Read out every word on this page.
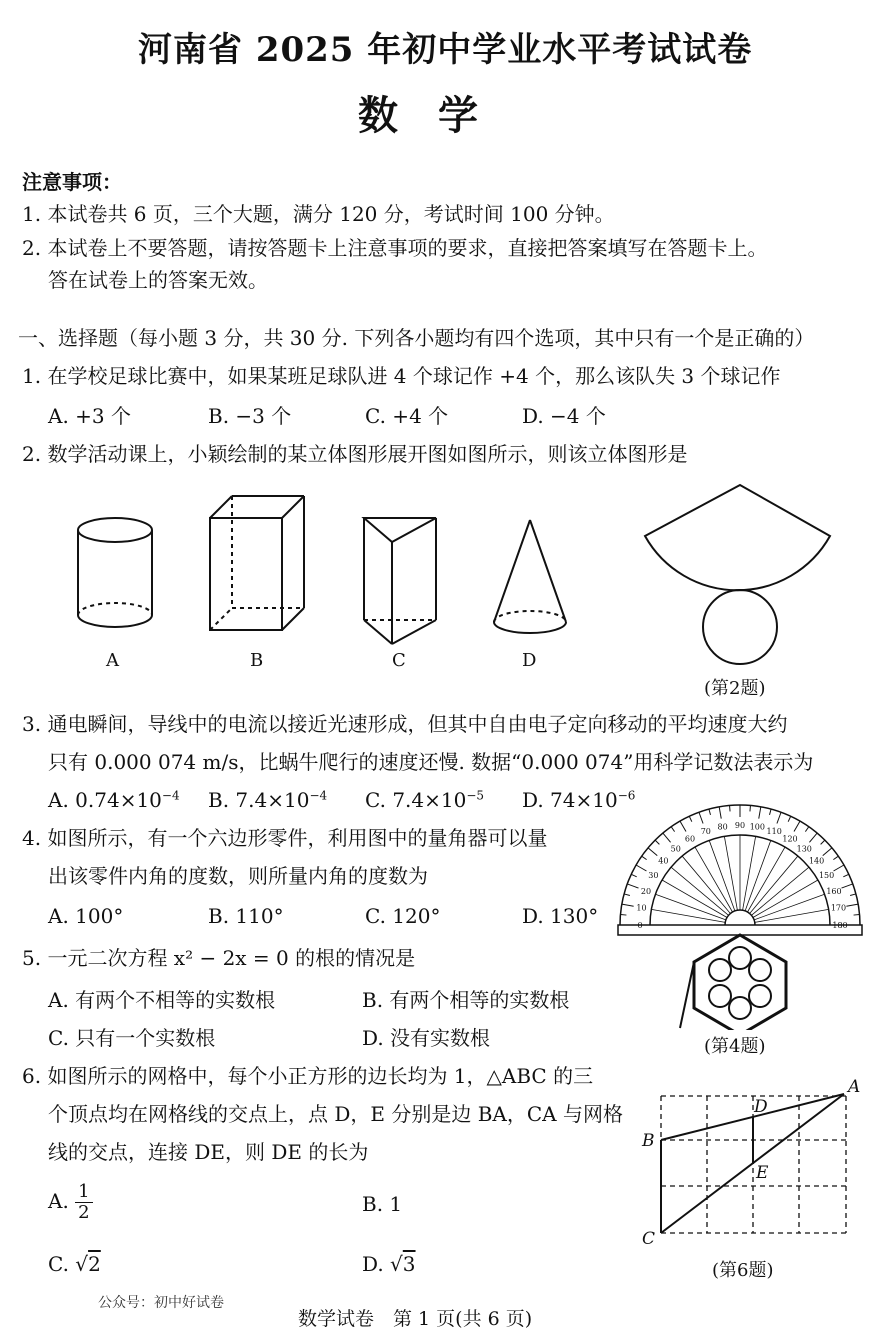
河南省 2025 年初中学业水平考试试卷
数学
注意事项：
1. 本试卷共 6 页，三个大题，满分 120 分，考试时间 100 分钟。
2. 本试卷上不要答题，请按答题卡上注意事项的要求，直接把答案填写在答题卡上。
答在试卷上的答案无效。
一、选择题（每小题 3 分，共 30 分. 下列各小题均有四个选项，其中只有一个是正确的）
1. 在学校足球比赛中，如果某班足球队进 4 个球记作 +4 个，那么该队失 3 个球记作
A. +3 个	B. −3 个	C. +4 个	D. −4 个
2. 数学活动课上，小颖绘制的某立体图形展开图如图所示，则该立体图形是
A	B	C	D
(第2题)
3. 通电瞬间，导线中的电流以接近光速形成，但其中自由电子定向移动的平均速度大约
只有 0.000 074 m/s，比蜗牛爬行的速度还慢. 数据“0.000 074”用科学记数法表示为
A. $0.74\times 10^{-4}$ B. $7.4\times 10^{-4}$ C. $7.4\times 10^{-5}$ D. $74\times 10^{-6}$
4. 如图所示，有一个六边形零件，利用图中的量角器可以量
出该零件内角的度数，则所量内角的度数为
A. 100°	B. 110°	C. 120°	D. 130°	0
10
20
30
40
50
60
70
80 90 100
110
120
130
140
150
160
170
180
(第4题)
5. 一元二次方程 x² − 2x = 0 的根的情况是
A. 有两个不相等的实数根	B. 有两个相等的实数根
C. 只有一个实数根	D. 没有实数根
6. 如图所示的网格中，每个小正方形的边长均为 1，△ABC 的三
个顶点均在网格线的交点上，点 D，E 分别是边 BA，CA 与网格
线的交点，连接 DE，则 DE 的长为
A. $\frac{1}{2}$	B. 1
C. √2	D. √3
A
B
C
D
E
(第6题)
公众号：初中好试卷
数学试卷　第 1 页(共 6 页)
